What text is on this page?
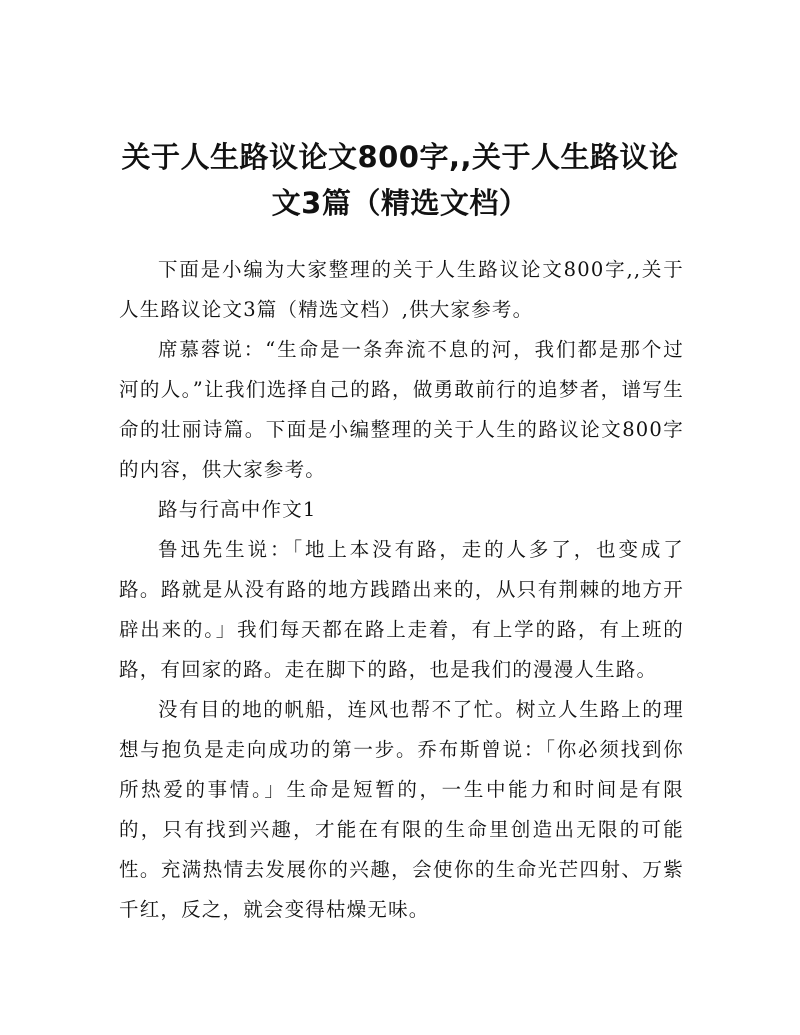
关于人生路议论文800字,,关于人生路议论
文3篇（精选文档）

下面是小编为大家整理的关于人生路议论文800字,,关于人生路议论文3篇（精选文档）,供大家参考。

席慕蓉说：“生命是一条奔流不息的河，我们都是那个过河的人。”让我们选择自己的路，做勇敢前行的追梦者，谱写生命的壮丽诗篇。下面是小编整理的关于人生的路议论文800字的内容，供大家参考。

路与行高中作文1

鲁迅先生说：「地上本没有路，走的人多了，也变成了路。路就是从没有路的地方践踏出来的，从只有荆棘的地方开辟出来的。」我们每天都在路上走着，有上学的路，有上班的路，有回家的路。走在脚下的路，也是我们的漫漫人生路。

没有目的地的帆船，连风也帮不了忙。树立人生路上的理想与抱负是走向成功的第一步。乔布斯曾说：「你必须找到你所热爱的事情。」生命是短暂的，一生中能力和时间是有限的，只有找到兴趣，才能在有限的生命里创造出无限的可能性。充满热情去发展你的兴趣，会使你的生命光芒四射、万紫千红，反之，就会变得枯燥无味。
